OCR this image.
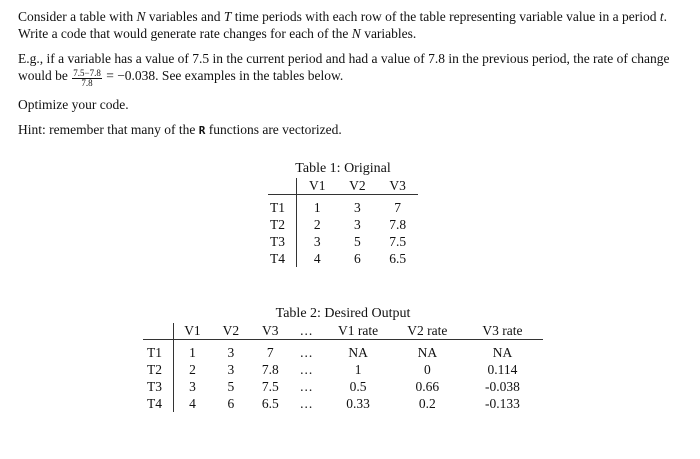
Consider a table with N variables and T time periods with each row of the table representing variable value in a period t. Write a code that would generate rate changes for each of the N variables.

E.g., if a variable has a value of 7.5 in the current period and had a value of 7.8 in the previous period, the rate of change would be $\frac{7.5-7.8}{7.8} = -0.038$. See examples in the tables below.

Optimize your code.

Hint: remember that many of the R functions are vectorized.

Table 1: Original
	V1	V2	V3
T1	1	3	7
T2	2	3	7.8
T3	3	5	7.5
T4	4	6	6.5
Table 2: Desired Output
	V1	V2	V3	...	V1 rate	V2 rate	V3 rate
T1	1	3	7	...	NA	NA	NA
T2	2	3	7.8	...	1	0	0.114
T3	3	5	7.5	...	0.5	0.66	-0.038
T4	4	6	6.5	...	0.33	0.2	-0.133
